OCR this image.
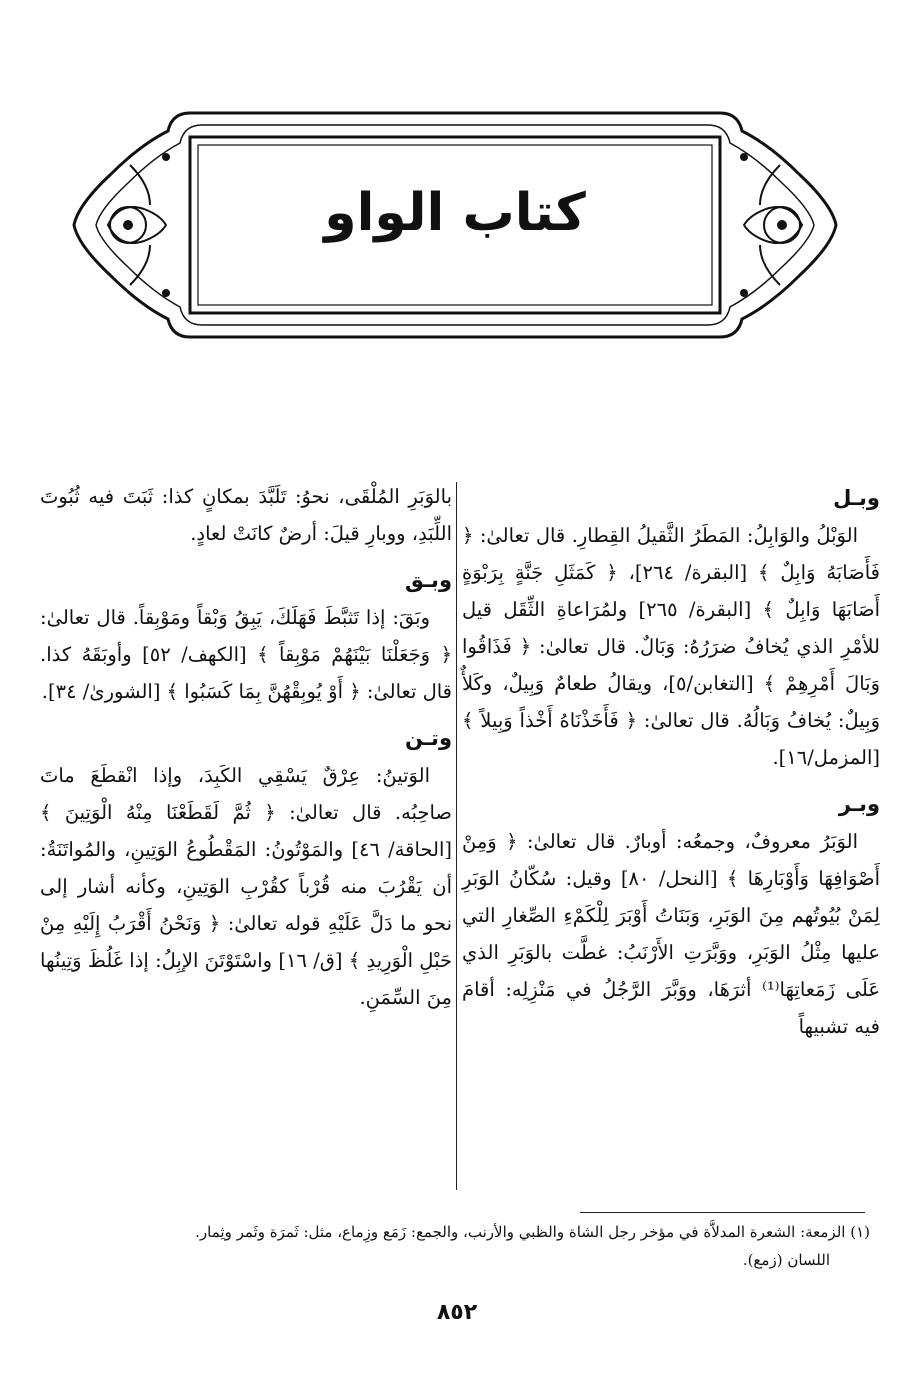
كتاب الواو
وبـل

الوَبْلُ والوَابِلُ: المَطَرُ الثَّقيلُ القِطارِ. قال تعالىٰ: ﴿ فَأَصَابَهُ وَابِلٌ ﴾ [البقرة/ ٢٦٤]، ﴿ كَمَثَلِ جَنَّةٍ بِرَبْوَةٍ أَصَابَهَا وَابِلٌ ﴾ [البقرة/ ٢٦٥] ولمُرَاعاةِ الثِّقَل قيل للأمْرِ الذي يُخافُ ضرَرُهُ: وَبَالٌ. قال تعالىٰ: ﴿ فَذَاقُوا وَبَالَ أَمْرِهِمْ ﴾ [التغابن/٥]، ويقالُ طعامٌ وَبِيلٌ، وكَلأٌ وَبِيلٌ: يُخافُ وَبَالُهُ. قال تعالىٰ: ﴿ فَأَخَذْنَاهُ أَخْذاً وَبِيلاً ﴾ [المزمل/١٦].

وبـر

الوَبَرُ معروفٌ، وجمعُه: أوبارٌ. قال تعالىٰ: ﴿ وَمِنْ أَصْوَافِهَا وَأَوْبَارِهَا ﴾ [النحل/ ٨٠] وقيل: سُكّانُ الوَبَرِ لِمَنْ بُيُوتُهم مِنَ الوَبَرِ، وَبَنَاتُ أَوْبَرَ لِلْكَمْءِ الصِّغارِ التي عليها مِثْلُ الوَبَرِ، ووَبَّرَتِ الأَرْنَبُ: غطَّت بالوَبَرِ الذي عَلَى زَمَعاتِهَا⁽¹⁾ أثرَهَا، ووَبَّرَ الرَّجُلُ في مَنْزِلِه: أقامَ فيه تشبيهاً

بالوَبَرِ المُلْقَى، نحوُ: تَلَبَّدَ بمكانٍ كذا: ثَبَتَ فيه ثُبُوتَ اللِّبَدِ، ووبارِ قيلَ: أرضٌ كانَتْ لعادٍ.

وبـق

وبَقَ: إذا تَثبَّطَ فَهَلَكَ، يَبِقُ وَبْقاً ومَوْبِقاً. قال تعالىٰ: ﴿ وَجَعَلْنَا بَيْنَهُمْ مَوْبِقاً ﴾ [الكهف/ ٥٢] وأوبَقَهُ كذا. قال تعالىٰ: ﴿ أَوْ يُوبِقْهُنَّ بِمَا كَسَبُوا ﴾ [الشورىٰ/ ٣٤].

وتـن

الوَتينُ: عِرْقٌ يَسْقِي الكَبِدَ، وإذا انْقطَعَ ماتَ صاحِبُه. قال تعالىٰ: ﴿ ثُمَّ لَقَطَعْنَا مِنْهُ الْوَتِينَ ﴾ [الحاقة/ ٤٦] والمَوْتُونُ: المَقْطُوعُ الوَتِينِ، والمُواتَنَةُ: أن يَقْرُبَ منه قُرْباً كقُرْبِ الوَتِينِ، وكأنه أشار إلى نحو ما دَلَّ عَلَيْهِ قوله تعالىٰ: ﴿ وَنَحْنُ أَقْرَبُ إِلَيْهِ مِنْ حَبْلِ الْوَرِيدِ ﴾ [ق/ ١٦] واسْتَوْتَنَ الإبِلُ: إذا غَلُظَ وَتِينُها مِنَ السِّمَنِ.

(١) الزمعة: الشعرة المدلاَّة في مؤخر رجل الشاة والظبي والأرنب، والجمع: زَمَع وزِماع، مثل: ثَمرَة وثَمر وثِمار.
اللسان (زمع).
٨٥٢
